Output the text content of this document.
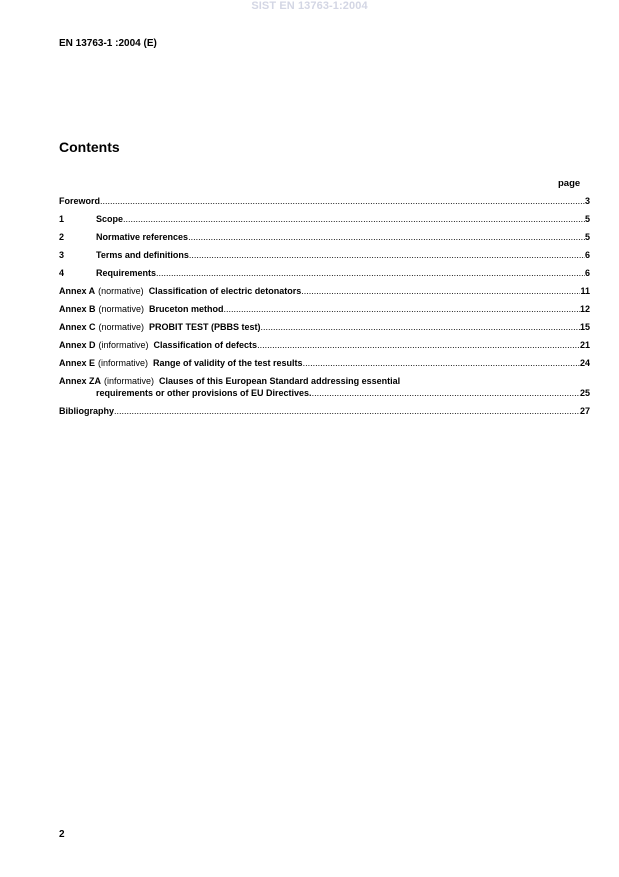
SIST EN 13763-1:2004
EN 13763-1 :2004 (E)
Contents
page
Foreword .....	3
1	Scope .....	5
2	Normative references .....	5
3	Terms and definitions .....	6
4	Requirements .....	6
Annex A (normative) Classification of electric detonators .....	11
Annex B (normative) Bruceton method .....	12
Annex C (normative) PROBIT TEST (PBBS test) .....	15
Annex D (informative) Classification of defects .....	21
Annex E (informative) Range of validity of the test results .....	24
Annex ZA (informative) Clauses of this European Standard addressing essential
requirements or other provisions of EU Directives. .....	25
Bibliography .....	27
2
